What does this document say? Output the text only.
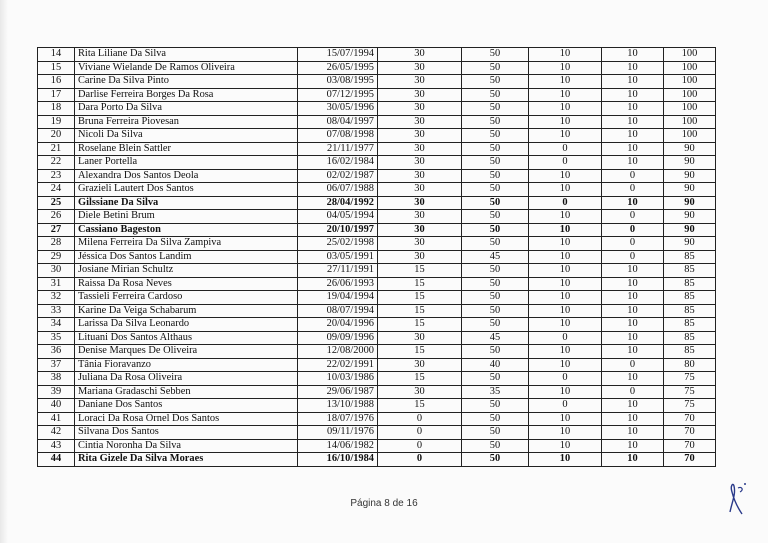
14	Rita Liliane Da Silva	15/07/1994	30	50	10	10	100
15	Viviane Wielande De Ramos Oliveira	26/05/1995	30	50	10	10	100
16	Carine Da Silva Pinto	03/08/1995	30	50	10	10	100
17	Darlise Ferreira Borges Da Rosa	07/12/1995	30	50	10	10	100
18	Dara Porto Da Silva	30/05/1996	30	50	10	10	100
19	Bruna Ferreira Piovesan	08/04/1997	30	50	10	10	100
20	Nicoli Da Silva	07/08/1998	30	50	10	10	100
21	Roselane Blein Sattler	21/11/1977	30	50	0	10	90
22	Laner Portella	16/02/1984	30	50	0	10	90
23	Alexandra Dos Santos Deola	02/02/1987	30	50	10	0	90
24	Grazieli Lautert Dos Santos	06/07/1988	30	50	10	0	90
25	Gilssiane Da Silva	28/04/1992	30	50	0	10	90
26	Diele Betini Brum	04/05/1994	30	50	10	0	90
27	Cassiano Bageston	20/10/1997	30	50	10	0	90
28	Milena Ferreira Da Silva Zampiva	25/02/1998	30	50	10	0	90
29	Jéssica Dos Santos Landim	03/05/1991	30	45	10	0	85
30	Josiane Mirian Schultz	27/11/1991	15	50	10	10	85
31	Raissa Da Rosa Neves	26/06/1993	15	50	10	10	85
32	Tassieli Ferreira Cardoso	19/04/1994	15	50	10	10	85
33	Karine Da Veiga Schabarum	08/07/1994	15	50	10	10	85
34	Larissa Da Silva Leonardo	20/04/1996	15	50	10	10	85
35	Lituani Dos Santos Althaus	09/09/1996	30	45	0	10	85
36	Denise Marques De Oliveira	12/08/2000	15	50	10	10	85
37	Tânia Fioravanzo	22/02/1991	30	40	10	0	80
38	Juliana Da Rosa Oliveira	10/03/1986	15	50	0	10	75
39	Mariana Gradaschi Sebben	29/06/1987	30	35	10	0	75
40	Daniane Dos Santos	13/10/1988	15	50	0	10	75
41	Loraci Da Rosa Ornel Dos Santos	18/07/1976	0	50	10	10	70
42	Silvana Dos Santos	09/11/1976	0	50	10	10	70
43	Cintia Noronha Da Silva	14/06/1982	0	50	10	10	70
44	Rita Gizele Da Silva Moraes	16/10/1984	0	50	10	10	70
Página 8 de 16
